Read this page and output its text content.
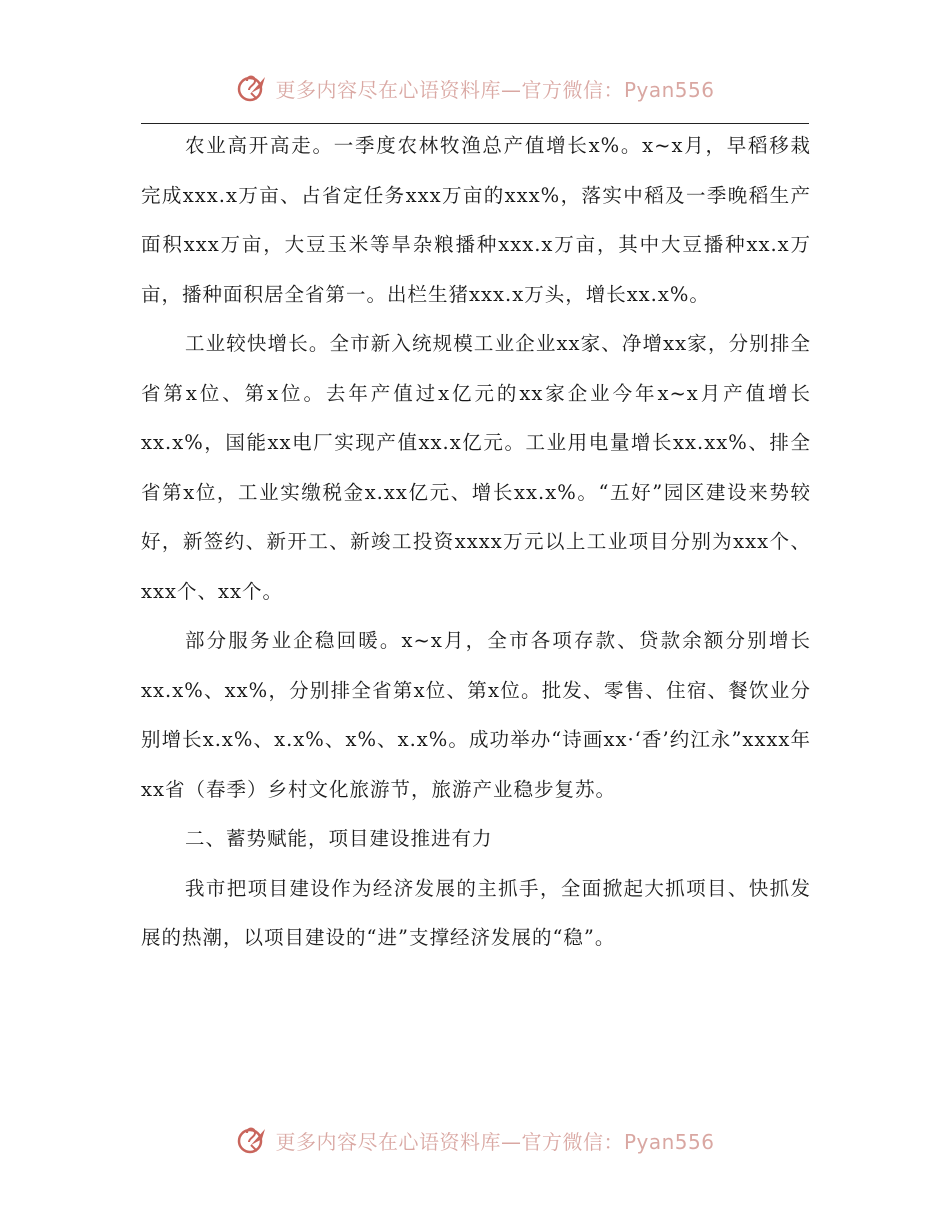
更多内容尽在心语资料库—官方微信：Pyan556

农业高开高走。一季度农林牧渔总产值增长x%。x~x月，早稻移栽完成xxx.x万亩、占省定任务xxx万亩的xxx%，落实中稻及一季晚稻生产面积xxx万亩，大豆玉米等旱杂粮播种xxx.x万亩，其中大豆播种xx.x万亩，播种面积居全省第一。出栏生猪xxx.x万头，增长xx.x%。

工业较快增长。全市新入统规模工业企业xx家、净增xx家，分别排全省第x位、第x位。去年产值过x亿元的xx家企业今年x~x月产值增长xx.x%，国能xx电厂实现产值xx.x亿元。工业用电量增长xx.xx%、排全省第x位，工业实缴税金x.xx亿元、增长xx.x%。“五好”园区建设来势较好，新签约、新开工、新竣工投资xxxx万元以上工业项目分别为xxx个、xxx个、xx个。

部分服务业企稳回暖。x~x月，全市各项存款、贷款余额分别增长xx.x%、xx%，分别排全省第x位、第x位。批发、零售、住宿、餐饮业分别增长x.x%、x.x%、x%、x.x%。成功举办“诗画xx·‘香’约江永”xxxx年xx省（春季）乡村文化旅游节，旅游产业稳步复苏。

二、蓄势赋能，项目建设推进有力

我市把项目建设作为经济发展的主抓手，全面掀起大抓项目、快抓发展的热潮，以项目建设的“进”支撑经济发展的“稳”。

更多内容尽在心语资料库—官方微信：Pyan556
